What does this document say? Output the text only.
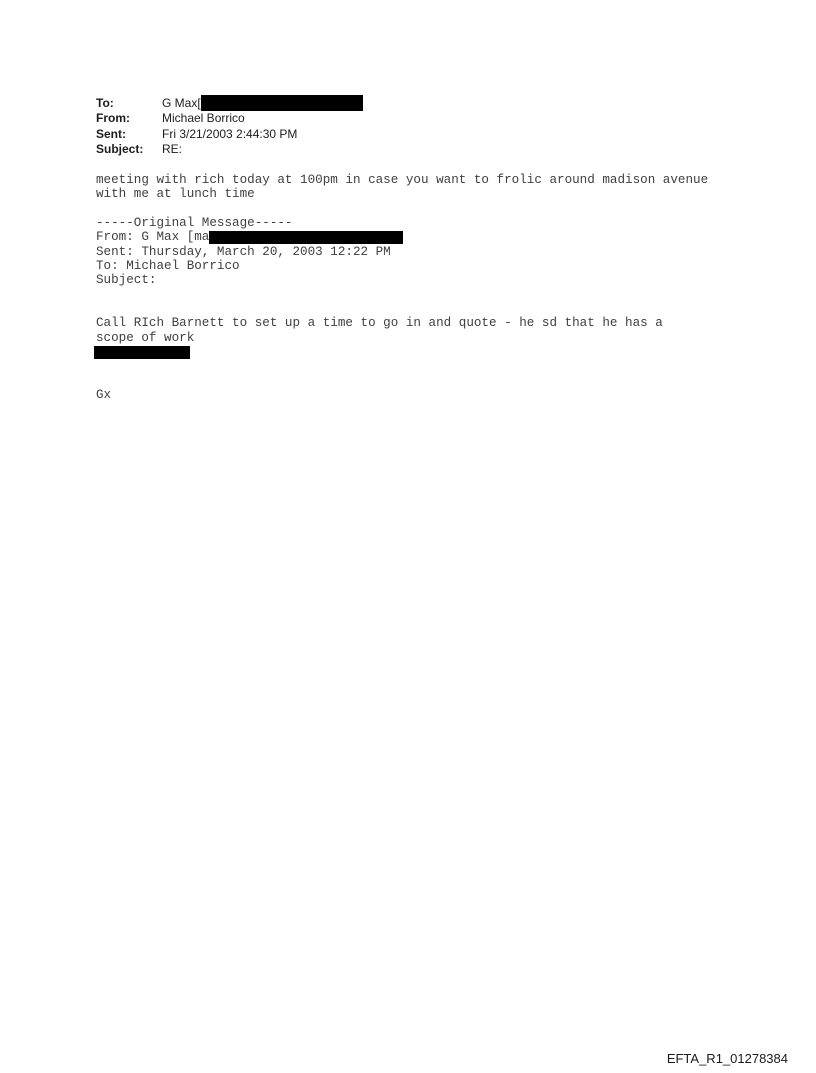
To:	G Max[
From:	Michael Borrico
Sent:	Fri 3/21/2003 2:44:30 PM
Subject: RE:
meeting with rich today at 100pm in case you want to frolic around madison avenue
with me at lunch time
-----Original Message-----
From: G Max [ma
Sent: Thursday, March 20, 2003 12:22 PM
To: Michael Borrico
Subject:
Call RIch Barnett to set up a time to go in and quote - he sd that he has a
scope of work
Gx
EFTA_R1_01278384
